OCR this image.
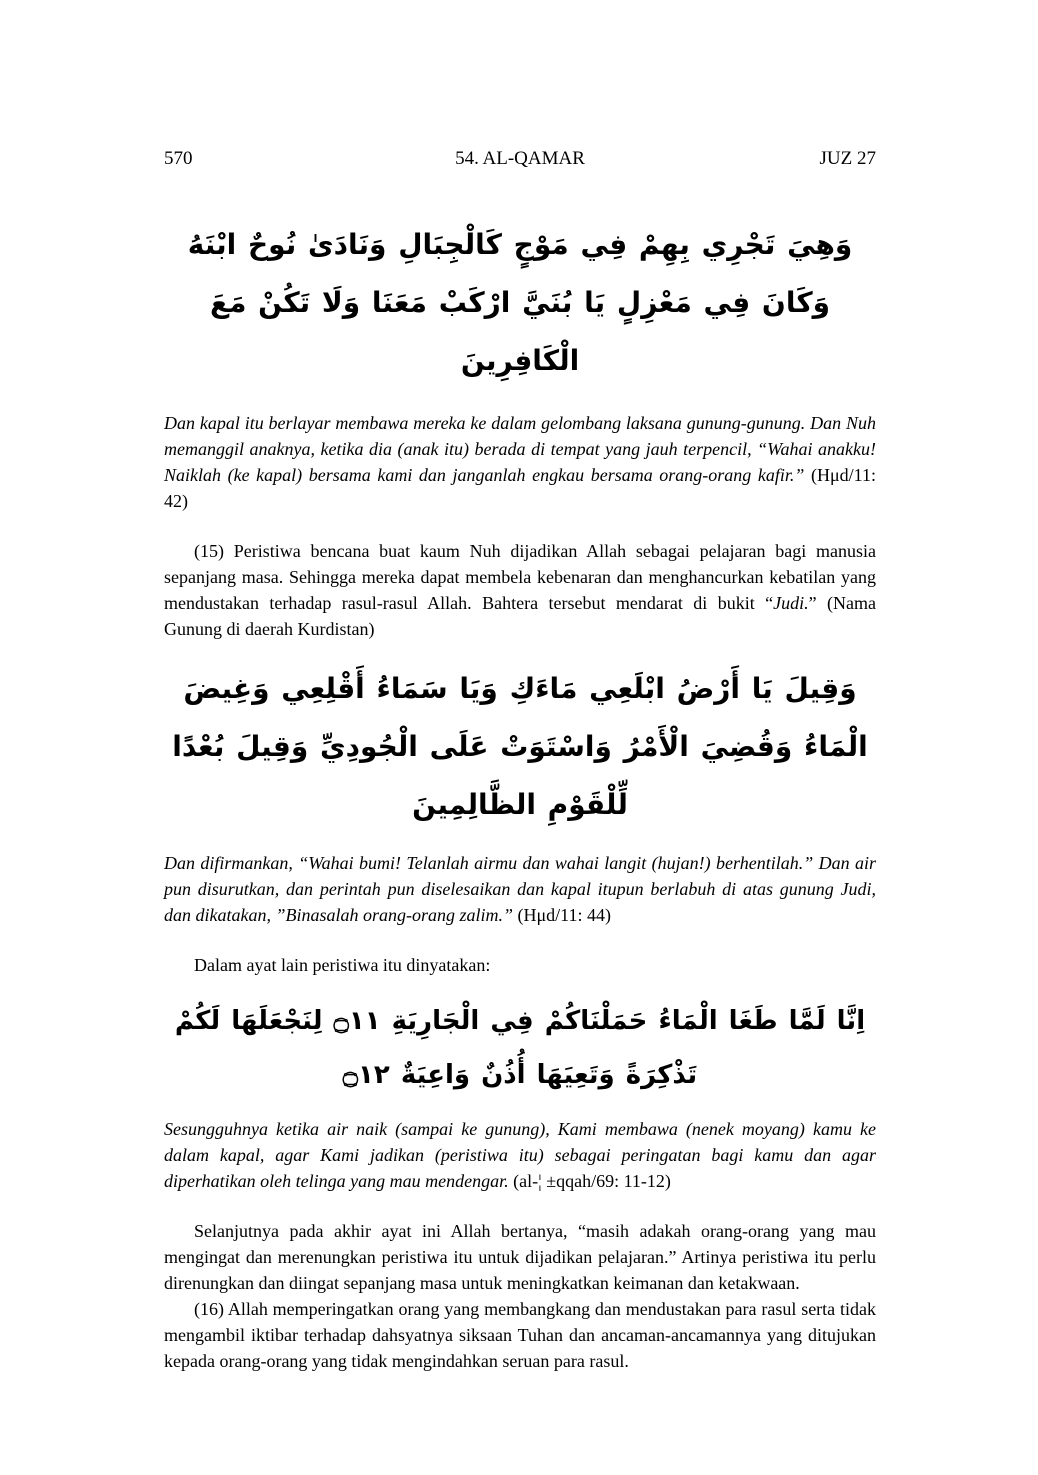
570	54. AL-QAMAR	JUZ 27
وَهِيَ تَجْرِي بِهِمْ فِي مَوْجٍ كَالْجِبَالِ وَنَادَىٰ نُوحٌ ابْنَهُ وَكَانَ فِي مَعْزِلٍ يَا بُنَيَّ ارْكَبْ مَعَنَا وَلَا تَكُنْ مَعَ الْكَافِرِينَ

Dan kapal itu berlayar membawa mereka ke dalam gelombang laksana gunung-gunung. Dan Nuh memanggil anaknya, ketika dia (anak itu) berada di tempat yang jauh terpencil, “Wahai anakku! Naiklah (ke kapal) bersama kami dan janganlah engkau bersama orang-orang kafir.” (Hμd/11: 42)

(15) Peristiwa bencana buat kaum Nuh dijadikan Allah sebagai pelajaran bagi manusia sepanjang masa. Sehingga mereka dapat membela kebenaran dan menghancurkan kebatilan yang mendustakan terhadap rasul-rasul Allah. Bahtera tersebut mendarat di bukit “Judi.” (Nama Gunung di daerah Kurdistan)

وَقِيلَ يَا أَرْضُ ابْلَعِي مَاءَكِ وَيَا سَمَاءُ أَقْلِعِي وَغِيضَ الْمَاءُ وَقُضِيَ الْأَمْرُ وَاسْتَوَتْ عَلَى الْجُودِيِّ وَقِيلَ بُعْدًا لِّلْقَوْمِ الظَّالِمِينَ

Dan difirmankan, “Wahai bumi! Telanlah airmu dan wahai langit (hujan!) berhentilah.” Dan air pun disurutkan, dan perintah pun diselesaikan dan kapal itupun berlabuh di atas gunung Judi, dan dikatakan, ”Binasalah orang-orang zalim.” (Hμd/11: 44)

Dalam ayat lain peristiwa itu dinyatakan:

اِنَّا لَمَّا طَغَا الْمَاءُ حَمَلْنَاكُمْ فِي الْجَارِيَةِ ۝١١ لِنَجْعَلَهَا لَكُمْ تَذْكِرَةً وَتَعِيَهَا أُذُنٌ وَاعِيَةٌ ۝١٢

Sesungguhnya ketika air naik (sampai ke gunung), Kami membawa (nenek moyang) kamu ke dalam kapal, agar Kami jadikan (peristiwa itu) sebagai peringatan bagi kamu dan agar diperhatikan oleh telinga yang mau mendengar. (al-¦ ±qqah/69: 11-12)

Selanjutnya pada akhir ayat ini Allah bertanya, “masih adakah orang-orang yang mau mengingat dan merenungkan peristiwa itu untuk dijadikan pelajaran.” Artinya peristiwa itu perlu direnungkan dan diingat sepanjang masa untuk meningkatkan keimanan dan ketakwaan.

(16) Allah memperingatkan orang yang membangkang dan mendustakan para rasul serta tidak mengambil iktibar terhadap dahsyatnya siksaan Tuhan dan ancaman-ancamannya yang ditujukan kepada orang-orang yang tidak mengindahkan seruan para rasul.
